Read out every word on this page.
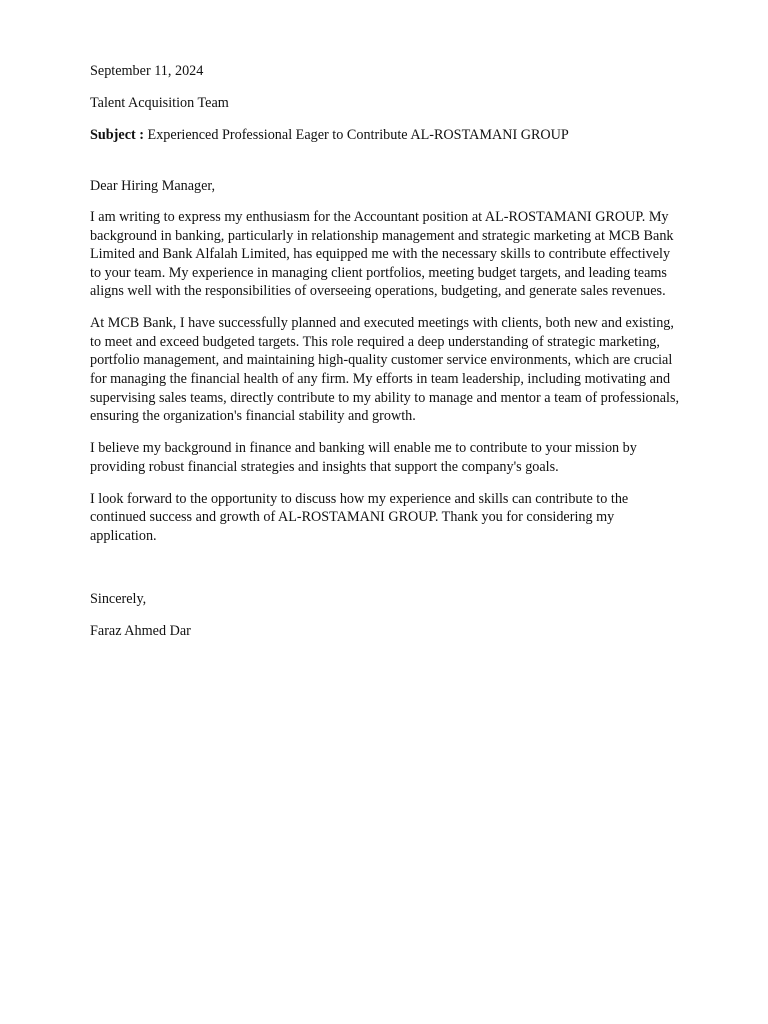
September 11, 2024

Talent Acquisition Team

Subject : Experienced Professional Eager to Contribute AL-ROSTAMANI GROUP

Dear Hiring Manager,

I am writing to express my enthusiasm for the Accountant position at AL-ROSTAMANI GROUP. My background in banking, particularly in relationship management and strategic marketing at MCB Bank Limited and Bank Alfalah Limited, has equipped me with the necessary skills to contribute effectively to your team. My experience in managing client portfolios, meeting budget targets, and leading teams aligns well with the responsibilities of overseeing operations, budgeting, and generate sales revenues.

At MCB Bank, I have successfully planned and executed meetings with clients, both new and existing, to meet and exceed budgeted targets. This role required a deep understanding of strategic marketing, portfolio management, and maintaining high-quality customer service environments, which are crucial for managing the financial health of any firm. My efforts in team leadership, including motivating and supervising sales teams, directly contribute to my ability to manage and mentor a team of professionals, ensuring the organization's financial stability and growth.

I believe my background in finance and banking will enable me to contribute to your mission by providing robust financial strategies and insights that support the company's goals.

I look forward to the opportunity to discuss how my experience and skills can contribute to the continued success and growth of AL-ROSTAMANI GROUP. Thank you for considering my application.

Sincerely,

Faraz Ahmed Dar
